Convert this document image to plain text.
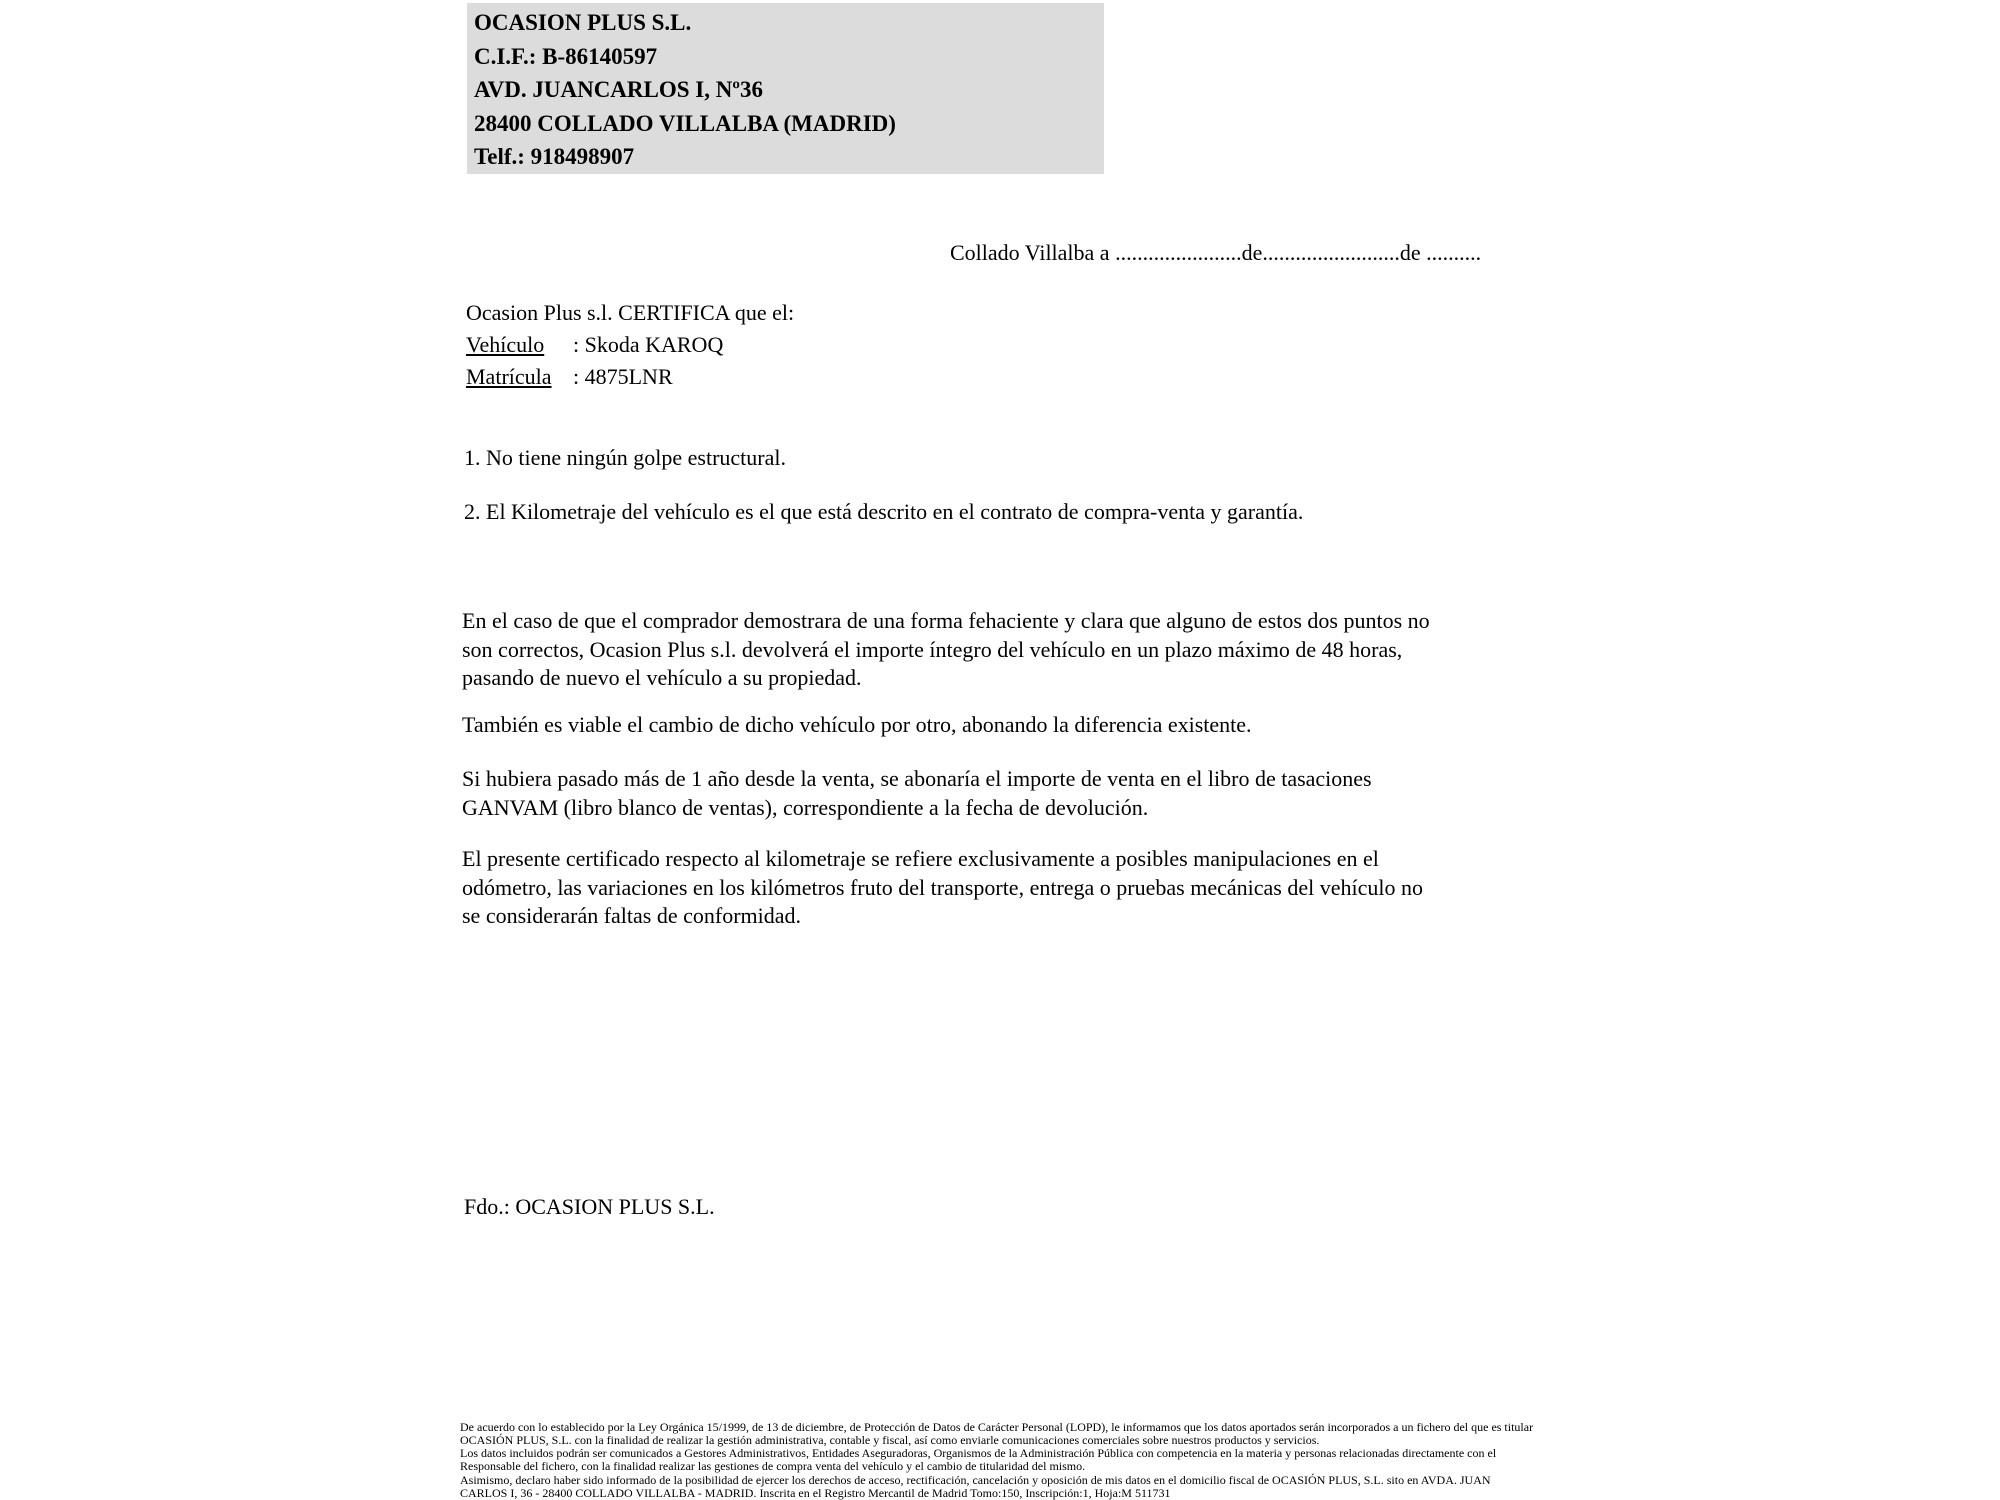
OCASION PLUS S.L.
C.I.F.: B-86140597
AVD. JUANCARLOS I, Nº36
28400 COLLADO VILLALBA (MADRID)
Telf.: 918498907
Collado Villalba a .......................de.........................de ..........
Ocasion Plus s.l. CERTIFICA que el:
Vehículo	: Skoda KAROQ
Matrícula : 4875LNR
1. No tiene ningún golpe estructural.
2. El Kilometraje del vehículo es el que está descrito en el contrato de compra-venta y garantía.
En el caso de que el comprador demostrara de una forma fehaciente y clara que alguno de estos dos puntos no
son correctos, Ocasion Plus s.l. devolverá el importe íntegro del vehículo en un plazo máximo de 48 horas,
pasando de nuevo el vehículo a su propiedad.
También es viable el cambio de dicho vehículo por otro, abonando la diferencia existente.
Si hubiera pasado más de 1 año desde la venta, se abonaría el importe de venta en el libro de tasaciones
GANVAM (libro blanco de ventas), correspondiente a la fecha de devolución.
El presente certificado respecto al kilometraje se refiere exclusivamente a posibles manipulaciones en el
odómetro, las variaciones en los kilómetros fruto del transporte, entrega o pruebas mecánicas del vehículo no
se considerarán faltas de conformidad.
Fdo.: OCASION PLUS S.L.
De acuerdo con lo establecido por la Ley Orgánica 15/1999, de 13 de diciembre, de Protección de Datos de Carácter Personal (LOPD), le informamos que los datos aportados serán incorporados a un fichero del que es titular
OCASIÓN PLUS, S.L. con la finalidad de realizar la gestión administrativa, contable y fiscal, así como enviarle comunicaciones comerciales sobre nuestros productos y servicios.
Los datos incluidos podrán ser comunicados a Gestores Administrativos, Entidades Aseguradoras, Organismos de la Administración Pública con competencia en la materia y personas relacionadas directamente con el
Responsable del fichero, con la finalidad realizar las gestiones de compra venta del vehículo y el cambio de titularidad del mismo.
Asimismo, declaro haber sido informado de la posibilidad de ejercer los derechos de acceso, rectificación, cancelación y oposición de mis datos en el domicilio fiscal de OCASIÓN PLUS, S.L. sito en AVDA. JUAN
CARLOS I, 36 - 28400 COLLADO VILLALBA - MADRID. Inscrita en el Registro Mercantil de Madrid Tomo:150, Inscripción:1, Hoja:M 511731
